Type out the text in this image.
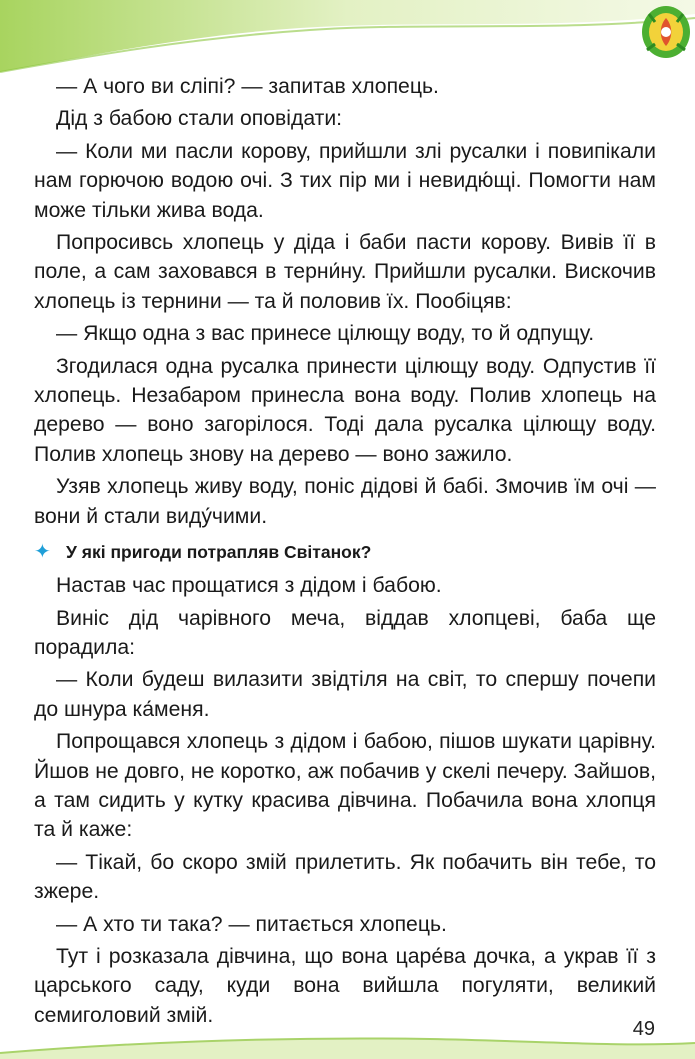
— А чого ви сліпі? — запитав хлопець.

Дід з бабою стали оповідати:

— Коли ми пасли корову, прийшли злі русалки і повипікали нам горючою водою очі. З тих пір ми і невидю́щі. Помогти нам може тільки жива вода.

Попросивсь хлопець у діда і баби пасти корову. Вивів її в поле, а сам заховався в терни́ну. Прийшли русалки. Вискочив хлопець із тернини — та й половив їх. Пообіцяв:

— Якщо одна з вас принесе цілющу воду, то й одпущу.

Згодилася одна русалка принести цілющу воду. Одпустив її хлопець. Незабаром принесла вона воду. Полив хлопець на дерево — воно загорілося. Тоді дала русалка цілющу воду. Полив хлопець знову на дерево — воно зажило.

Узяв хлопець живу воду, поніс дідові й бабі. Змочив їм очі — вони й стали виду́чими.

✦ У які пригоди потрапляв Світанок?

Настав час прощатися з дідом і бабою.

Виніс дід чарівного меча, віддав хлопцеві, баба ще порадила:

— Коли будеш вилазити звідтіля на світ, то спершу почепи до шнура ка́меня.

Попрощався хлопець з дідом і бабою, пішов шукати царівну. Йшов не довго, не коротко, аж побачив у скелі печеру. Зайшов, а там сидить у кутку красива дівчина. Побачила вона хлопця та й каже:

— Тікай, бо скоро змій прилетить. Як побачить він тебе, то зжере.

— А хто ти така? — питається хлопець.

Тут і розказала дівчина, що вона царе́ва дочка, а украв її з царського саду, куди вона вийшла погуляти, великий семиголовий змій.

49
